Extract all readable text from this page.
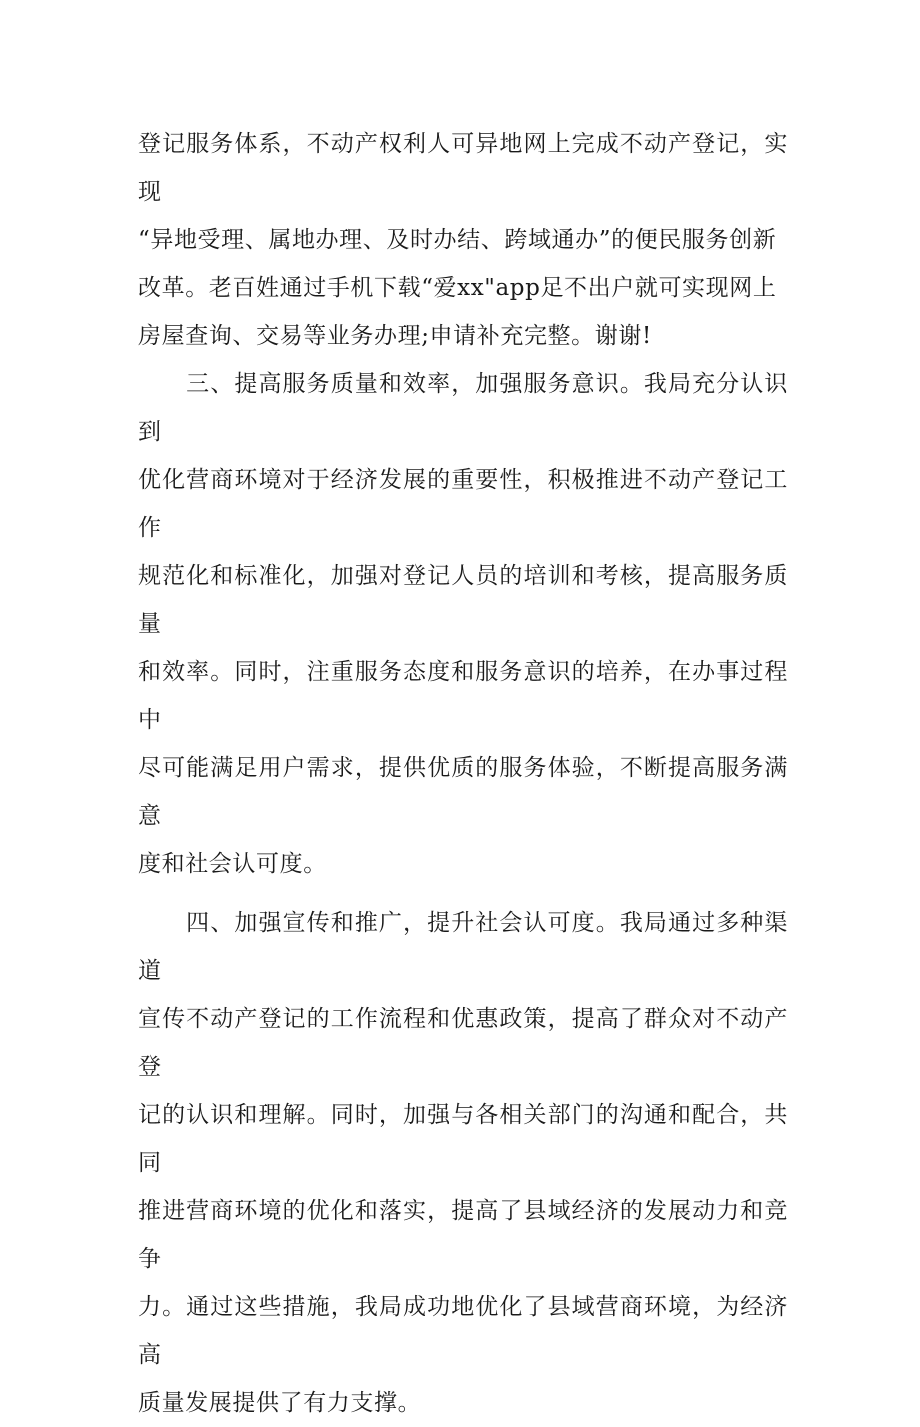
登记服务体系，不动产权利人可异地网上完成不动产登记，实现
“异地受理、属地办理、及时办结、跨域通办”的便民服务创新
改革。老百姓通过手机下载“爱xx"app足不出户就可实现网上
房屋查询、交易等业务办理;申请补充完整。谢谢!
　　三、提高服务质量和效率，加强服务意识。我局充分认识到
优化营商环境对于经济发展的重要性，积极推进不动产登记工作
规范化和标准化，加强对登记人员的培训和考核，提高服务质量
和效率。同时，注重服务态度和服务意识的培养，在办事过程中
尽可能满足用户需求，提供优质的服务体验，不断提高服务满意
度和社会认可度。
　　四、加强宣传和推广，提升社会认可度。我局通过多种渠道
宣传不动产登记的工作流程和优惠政策，提高了群众对不动产登
记的认识和理解。同时，加强与各相关部门的沟通和配合，共同
推进营商环境的优化和落实，提高了县域经济的发展动力和竞争
力。通过这些措施，我局成功地优化了县域营商环境，为经济高
质量发展提供了有力支撑。
